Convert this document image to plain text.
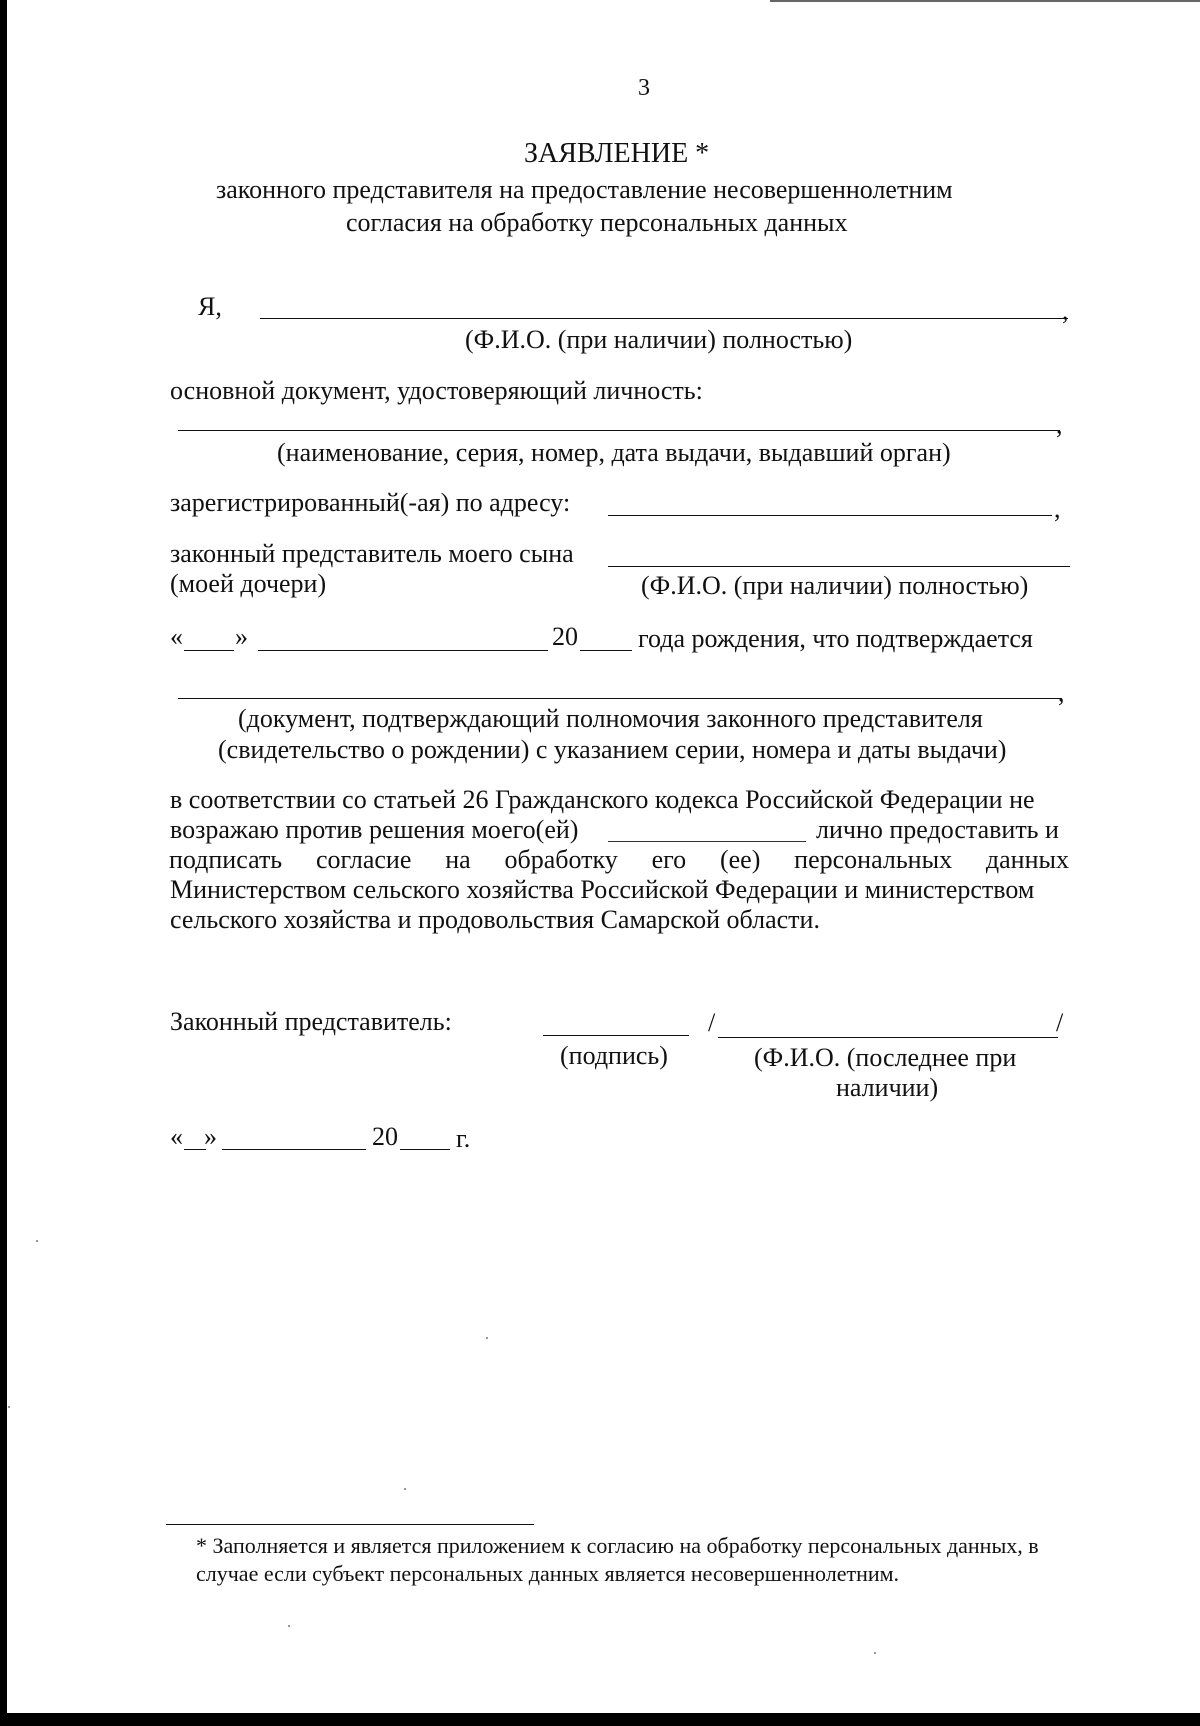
3
ЗАЯВЛЕНИЕ *
законного представителя на предоставление несовершеннолетним
согласия на обработку персональных данных
Я,	,
(Ф.И.О. (при наличии) полностью)
основной документ, удостоверяющий личность:
,
(наименование, серия, номер, дата выдачи, выдавший орган)
зарегистрированный(-ая) по адресу:	,
законный представитель моего сына
(моей дочери)	(Ф.И.О. (при наличии) полностью)
« »	20 года рождения, что подтверждается
,
(документ, подтверждающий полномочия законного представителя
(свидетельство о рождении) с указанием серии, номера и даты выдачи)
в соответствии со статьей 26 Гражданского кодекса Российской Федерации не
возражаю против решения моего(ей)	лично предоставить и
подписать согласие на обработку его (ее) персональных данных
Министерством сельского хозяйства Российской Федерации и министерством
сельского хозяйства и продовольствия Самарской области.
Законный представитель:	/	/
(подпись)	(Ф.И.О. (последнее при
наличии)
« »	20 г.
* Заполняется и является приложением к согласию на обработку персональных данных, в
случае если субъект персональных данных является несовершеннолетним.
